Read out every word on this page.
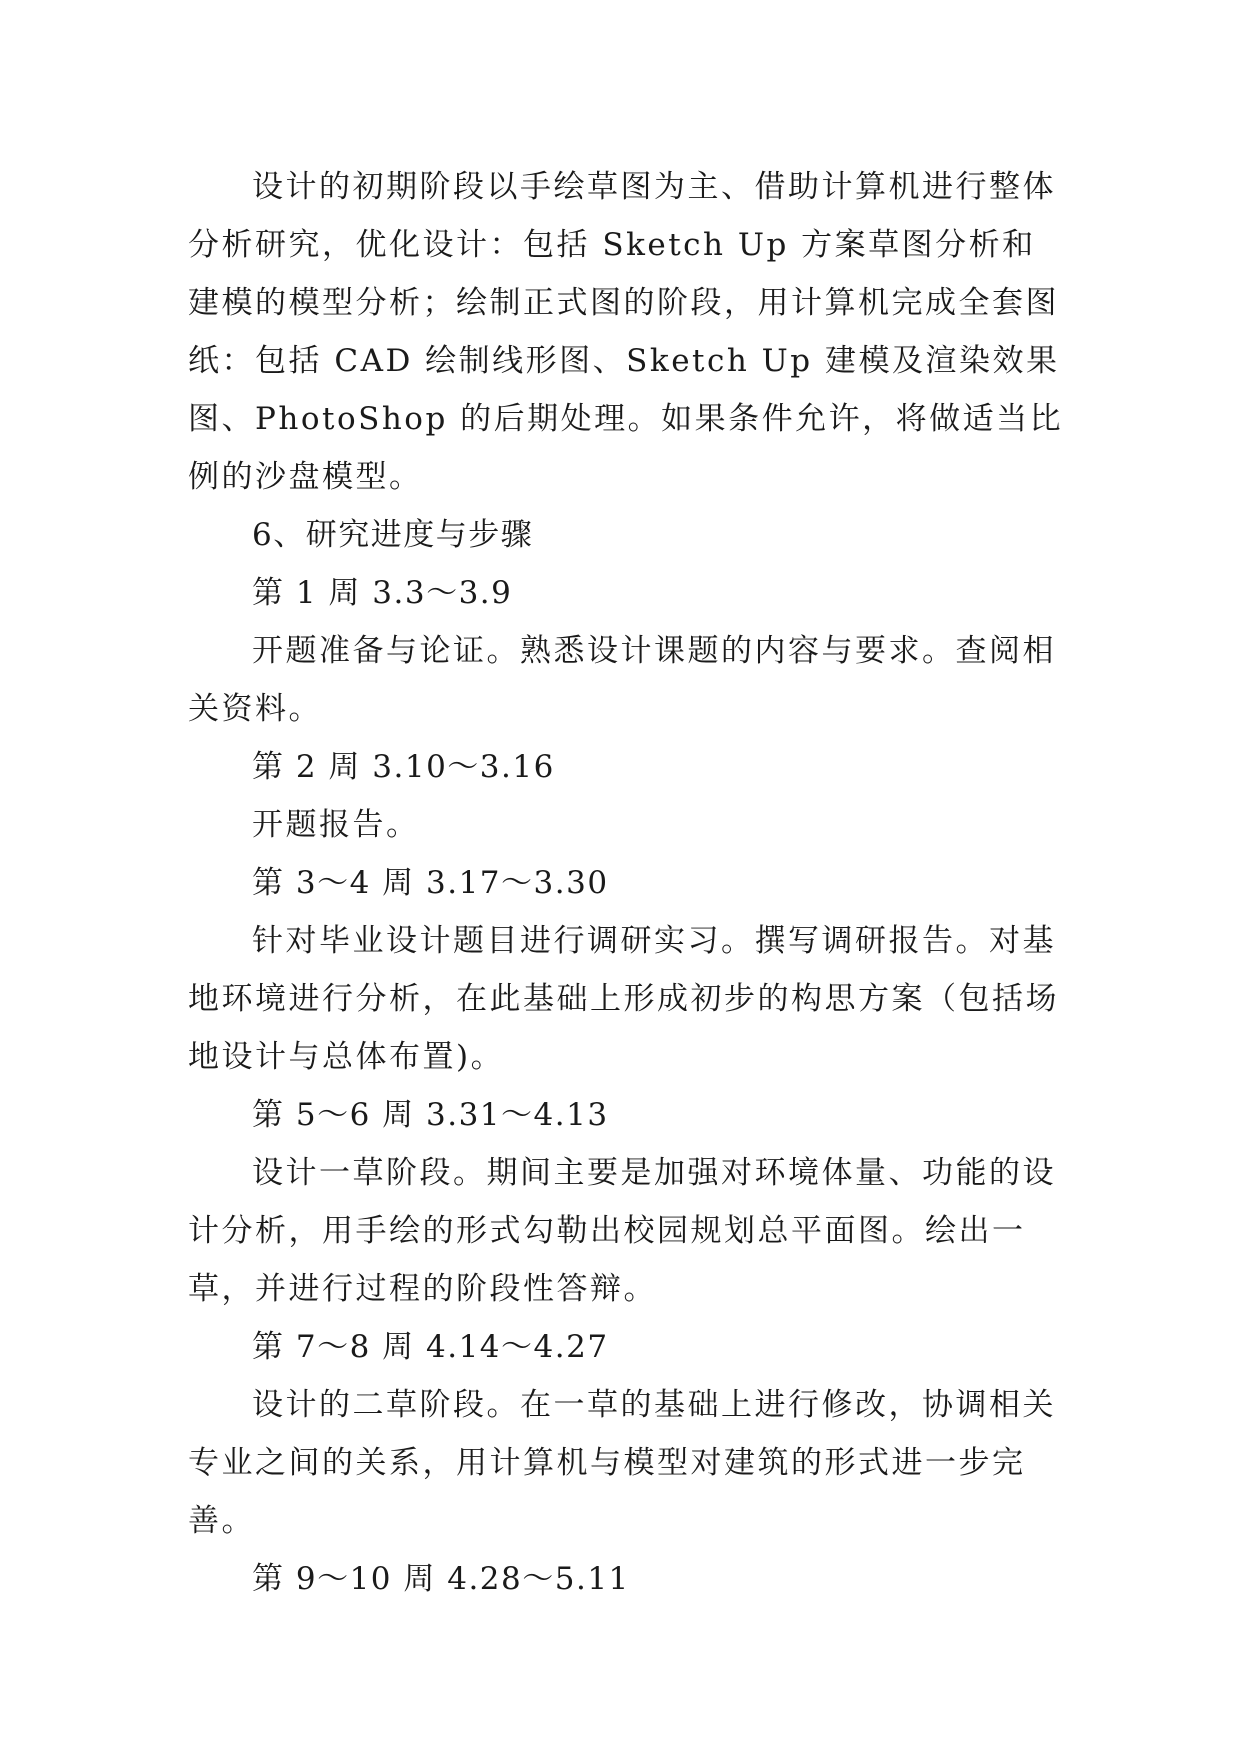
设计的初期阶段以手绘草图为主、借助计算机进行整体分析研究，优化设计：包括 Sketch Up 方案草图分析和建模的模型分析；绘制正式图的阶段，用计算机完成全套图纸：包括 CAD 绘制线形图、Sketch Up 建模及渲染效果图、PhotoShop 的后期处理。如果条件允许，将做适当比例的沙盘模型。

6、研究进度与步骤

第 1 周 3.3～3.9

开题准备与论证。熟悉设计课题的内容与要求。查阅相关资料。

第 2 周 3.10～3.16

开题报告。

第 3～4 周 3.17～3.30

针对毕业设计题目进行调研实习。撰写调研报告。对基地环境进行分析，在此基础上形成初步的构思方案（包括场地设计与总体布置)。

第 5～6 周 3.31～4.13

设计一草阶段。期间主要是加强对环境体量、功能的设计分析，用手绘的形式勾勒出校园规划总平面图。绘出一草，并进行过程的阶段性答辩。

第 7～8 周 4.14～4.27

设计的二草阶段。在一草的基础上进行修改，协调相关专业之间的关系，用计算机与模型对建筑的形式进一步完善。

第 9～10 周 4.28～5.11
